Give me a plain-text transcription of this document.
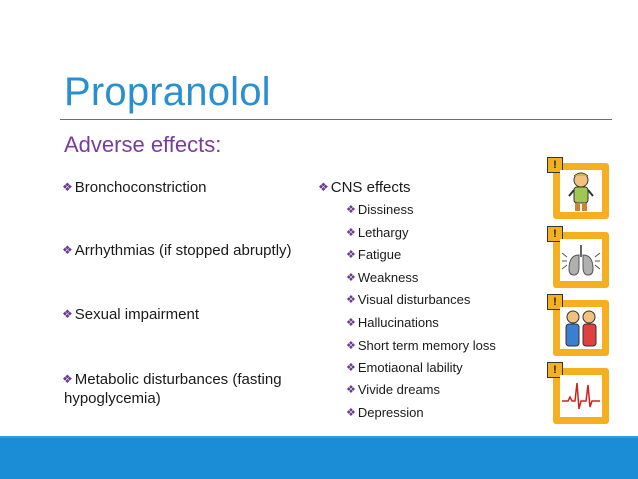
Propranolol
Adverse effects:
❖ Bronchoconstriction
❖ Arrhythmias (if stopped abruptly)
❖ Sexual impairment
❖ Metabolic disturbances (fasting
hypoglycemia)
❖ CNS effects
❖ Dissiness
❖ Lethargy
❖ Fatigue
❖ Weakness
❖ Visual disturbances
❖ Hallucinations
❖ Short term memory loss
❖ Emotiaonal lability
❖ Vivide dreams
❖ Depression
!
!
!
!
